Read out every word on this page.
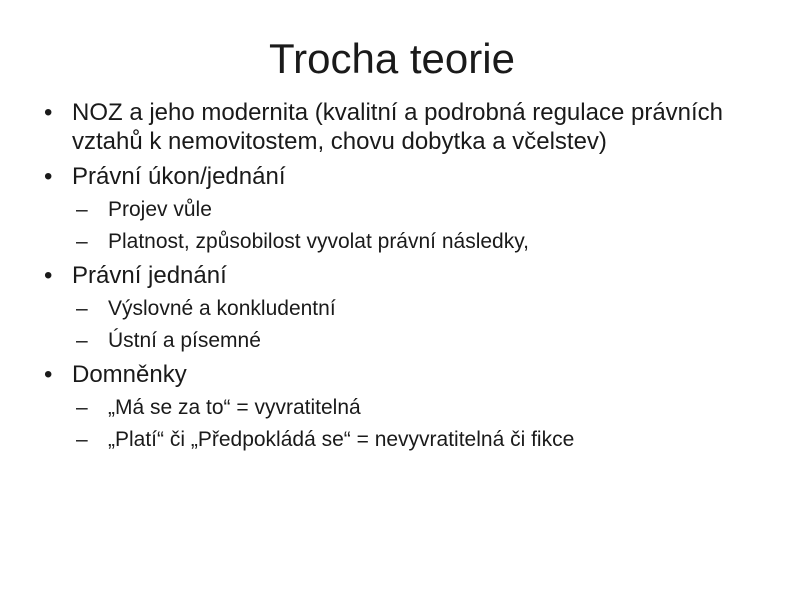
Trocha teorie
• NOZ a jeho modernita (kvalitní a podrobná regulace právních vztahů k nemovitostem, chovu dobytka a včelstev)
• Právní úkon/jednání
– Projev vůle
– Platnost, způsobilost vyvolat právní následky,
• Právní jednání
– Výslovné a konkludentní
– Ústní a písemné
• Domněnky
– „Má se za to“ = vyvratitelná
– „Platí“ či „Předpokládá se“ = nevyvratitelná či fikce
